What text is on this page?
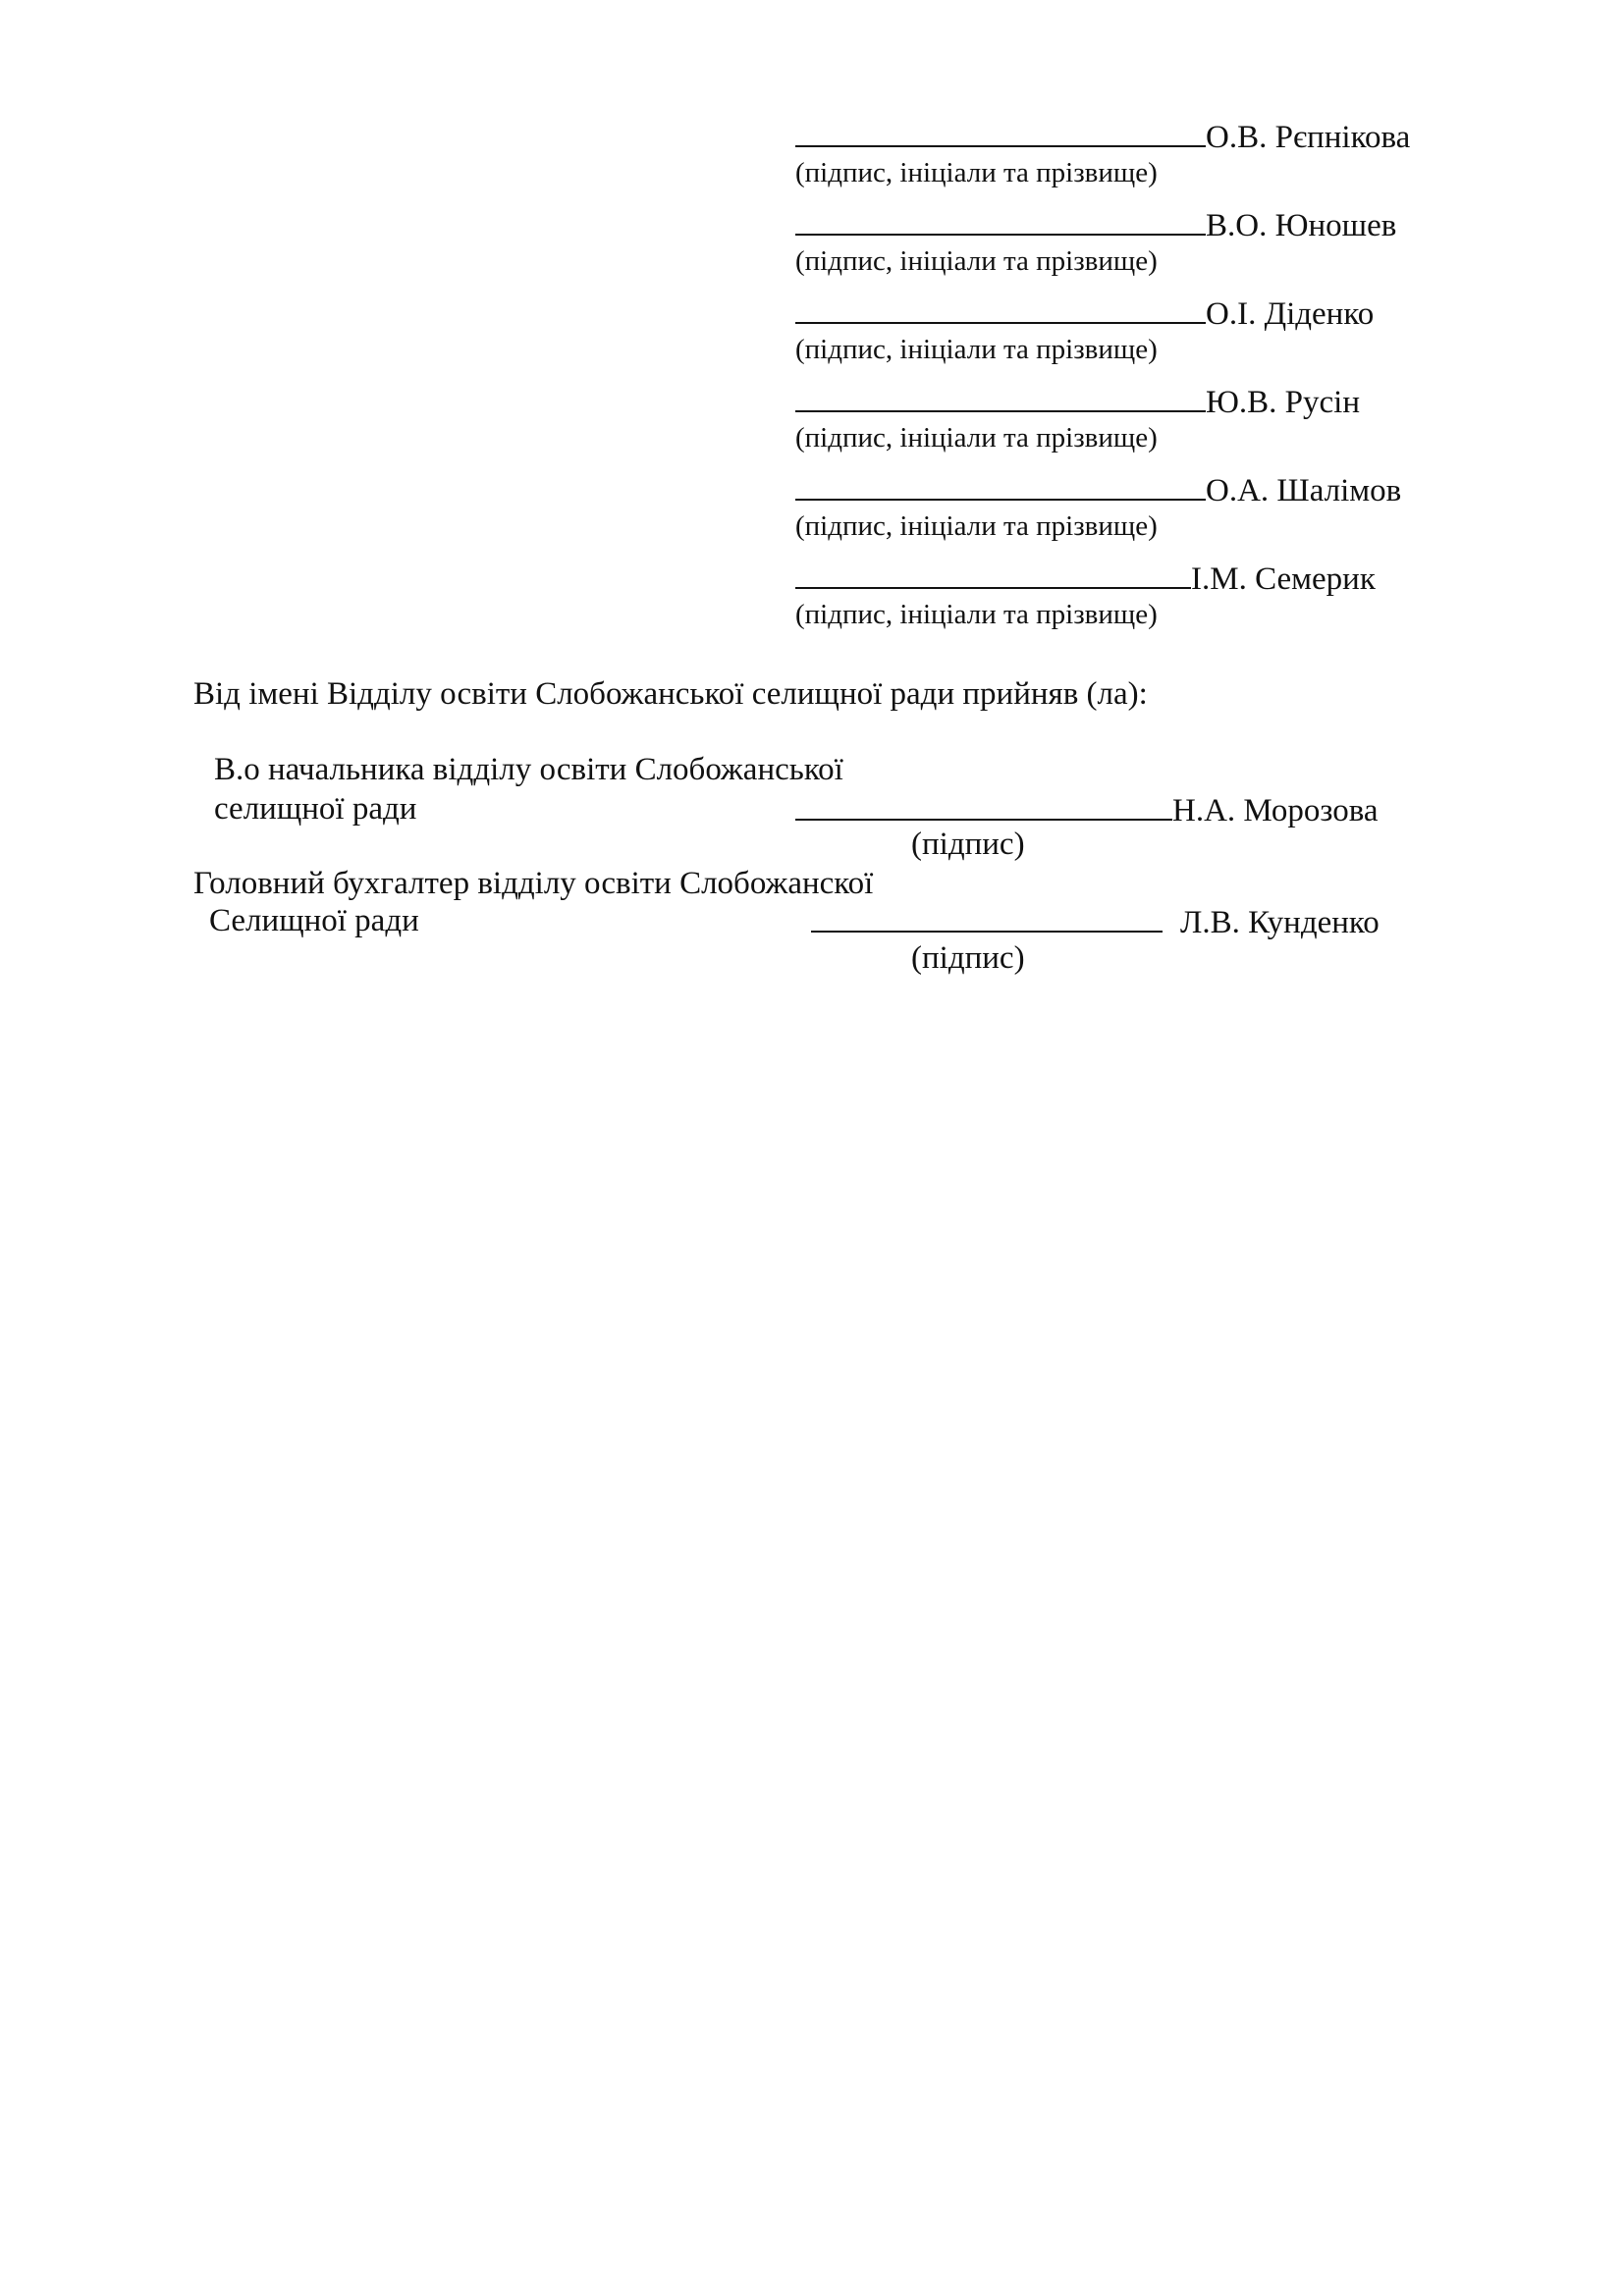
О.В. Рєпнікова
(підпис, ініціали та прізвище)
В.О. Юношев
(підпис, ініціали та прізвище)
О.І. Діденко
(підпис, ініціали та прізвище)
Ю.В. Русін
(підпис, ініціали та прізвище)
О.А. Шалімов
(підпис, ініціали та прізвище)
І.М. Семерик
(підпис, ініціали та прізвище)
Від імені Відділу освіти Слобожанської селищної ради прийняв (ла):
В.о начальника відділу освіти Слобожанської
селищної ради	Н.А. Морозова
(підпис)
Головний бухгалтер відділу освіти Слобожанскої
Селищної ради	Л.В. Кунденко
(підпис)
